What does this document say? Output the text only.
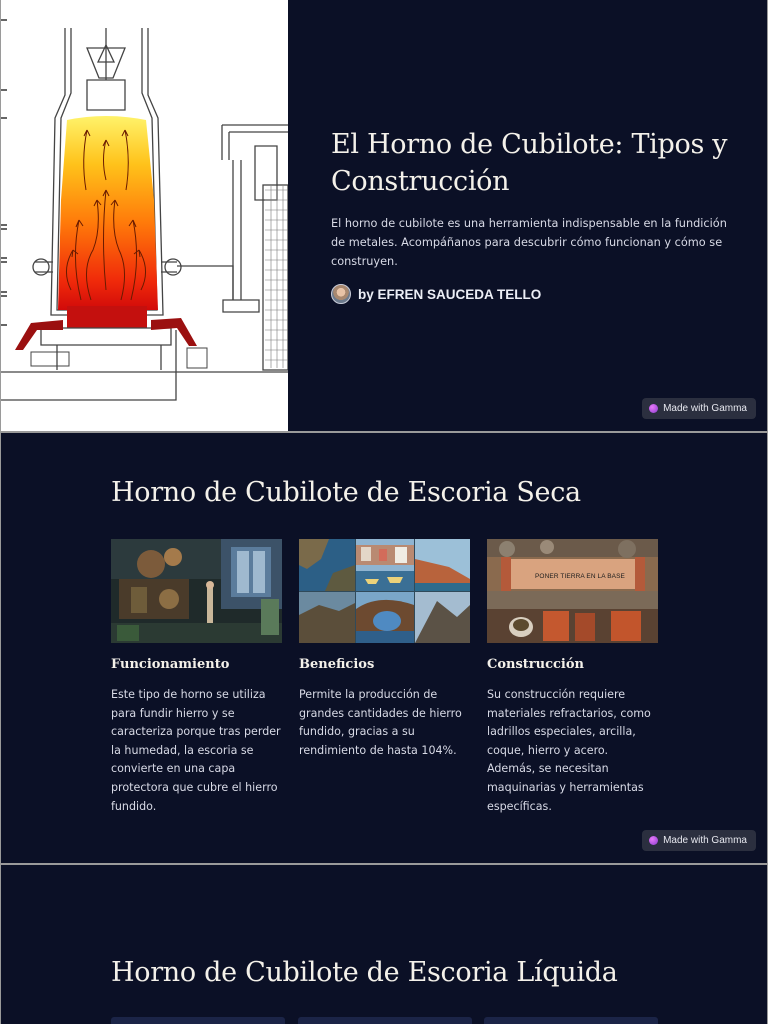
El Horno de Cubilote: Tipos y Construcción

El horno de cubilote es una herramienta indispensable en la fundición de metales. Acompáñanos para descubrir cómo funcionan y cómo se construyen.

by EFREN SAUCEDA TELLO
Made with Gamma
Horno de Cubilote de Escoria Seca
Funcionamiento

Este tipo de horno se utiliza para fundir hierro y se caracteriza porque tras perder la humedad, la escoria se convierte en una capa protectora que cubre el hierro fundido.

Beneficios

Permite la producción de grandes cantidades de hierro fundido, gracias a su rendimiento de hasta 104%.

PONER TIERRA EN LA BASE
Construcción

Su construcción requiere materiales refractarios, como ladrillos especiales, arcilla, coque, hierro y acero. Además, se necesitan maquinarias y herramientas específicas.

Made with Gamma
Horno de Cubilote de Escoria Líquida
